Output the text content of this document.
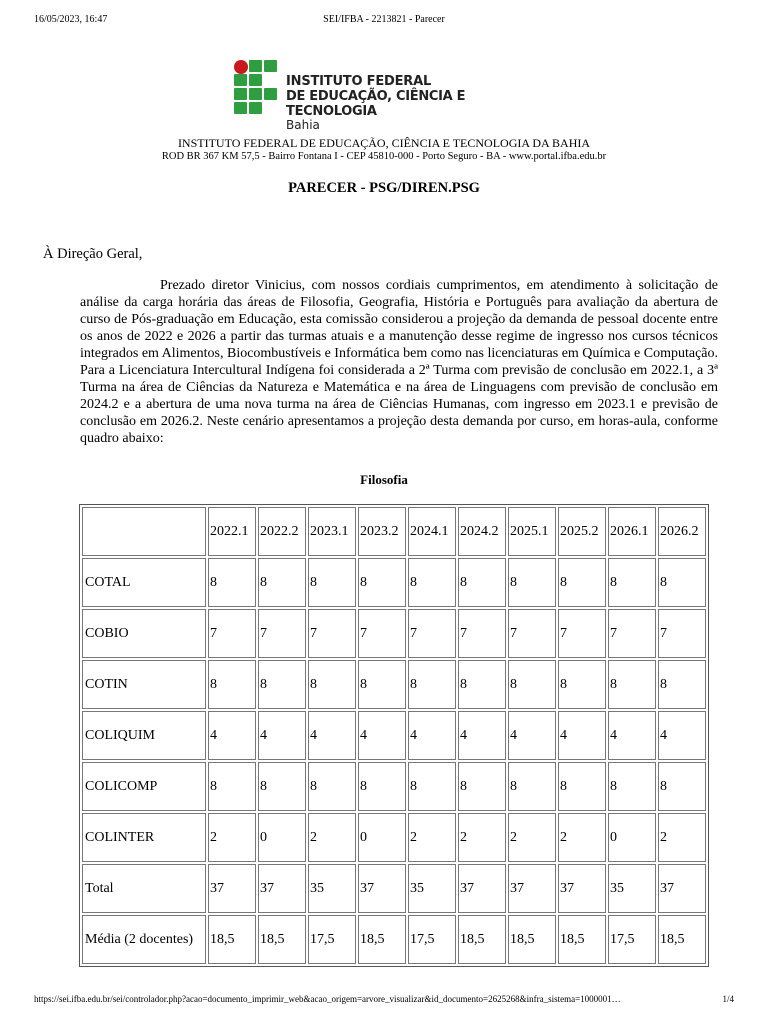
16/05/2023, 16:47	SEI/IFBA - 2213821 - Parecer
INSTITUTO FEDERAL
DE EDUCAÇÃO, CIÊNCIA E TECNOLOGIA
Bahia
INSTITUTO FEDERAL DE EDUCAÇÃO, CIÊNCIA E TECNOLOGIA DA BAHIA
ROD BR 367 KM 57,5 - Bairro Fontana I - CEP 45810-000 - Porto Seguro - BA - www.portal.ifba.edu.br
PARECER - PSG/DIREN.PSG
À Direção Geral,
Prezado diretor Vinicius, com nossos cordiais cumprimentos, em atendimento à solicitação de análise da carga horária das áreas de Filosofia, Geografia, História e Português para avaliação da abertura de curso de Pós-graduação em Educação, esta comissão considerou a projeção da demanda de pessoal docente entre os anos de 2022 e 2026 a partir das turmas atuais e a manutenção desse regime de ingresso nos cursos técnicos integrados em Alimentos, Biocombustíveis e Informática bem como nas licenciaturas em Química e Computação. Para a Licenciatura Intercultural Indígena foi considerada a 2ª Turma com previsão de conclusão em 2022.1, a 3ª Turma na área de Ciências da Natureza e Matemática e na área de Linguagens com previsão de conclusão em 2024.2 e a abertura de uma nova turma na área de Ciências Humanas, com ingresso em 2023.1 e previsão de conclusão em 2026.2. Neste cenário apresentamos a projeção desta demanda por curso, em horas-aula, conforme quadro abaixo:
Filosofia
	2022.1	2022.2	2023.1	2023.2	2024.1	2024.2	2025.1	2025.2	2026.1	2026.2
COTAL	8	8	8	8	8	8	8	8	8	8
COBIO	7	7	7	7	7	7	7	7	7	7
COTIN	8	8	8	8	8	8	8	8	8	8
COLIQUIM	4	4	4	4	4	4	4	4	4	4
COLICOMP	8	8	8	8	8	8	8	8	8	8
COLINTER	2	0	2	0	2	2	2	2	0	2
Total	37	37	35	37	35	37	37	37	35	37
Média (2 docentes)	18,5	18,5	17,5	18,5	17,5	18,5	18,5	18,5	17,5	18,5
https://sei.ifba.edu.br/sei/controlador.php?acao=documento_imprimir_web&acao_origem=arvore_visualizar&id_documento=2625268&infra_sistema=1000001…	1/4
